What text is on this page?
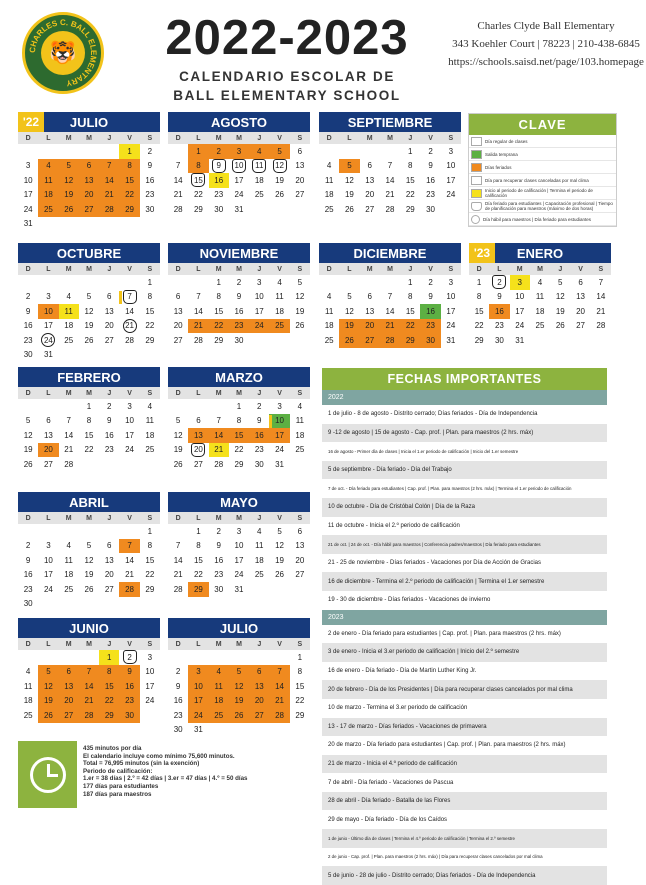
CHARLES C. BALL ELEMENTARY
🐯 2022-2023
CALENDARIO ESCOLAR DE
BALL ELEMENTARY SCHOOL
Charles Clyde Ball Elementary
343 Koehler Court | 78223 | 210-438-6845
https://schools.saisd.net/page/103.homepage
'22	JULIO
D L M M J V S
1 2
3 4 5 6 7 8 9
10 11 12 13 14 15 16
17 18 19 20 21 22 23
24 25 26 27 28 29 30
31
AGOSTO
D L M M J V S
1 2 3 4 5 6
7 8 9 10 11 12 13
14 15 16 17 18 19 20
21 22 23 24 25 26 27
28 29 30 31
SEPTIEMBRE
D L M M J V S
1 2 3
4 5 6 7 8 9 10
11 12 13 14 15 16 17
18 19 20 21 22 23 24
25 26 27 28 29 30
OCTUBRE
D L M M J V S
1
2 3 4 5 6 7 8
9 10 11 12 13 14 15
16 17 18 19 20 21 22
23 24 25 26 27 28 29
30 31
NOVIEMBRE
D L M M J V S
1 2 3 4 5
6 7 8 9 10 11 12
13 14 15 16 17 18 19
20 21 22 23 24 25 26
27 28 29 30
DICIEMBRE
D L M M J V S
1 2 3
4 5 6 7 8 9 10
11 12 13 14 15 16 17
18 19 20 21 22 23 24
25 26 27 28 29 30 31
'23	ENERO
D L M M J V S
1 2 3 4 5 6 7
8 9 10 11 12 13 14
15 16 17 18 19 20 21
22 23 24 25 26 27 28
29 30 31
FEBRERO
D L M M J V S
1 2 3 4
5 6 7 8 9 10 11
12 13 14 15 16 17 18
19 20 21 22 23 24 25
26 27 28
MARZO
D L M M J V S
1 2 3 4
5 6 7 8 9 10 11
12 13 14 15 16 17 18
19 20 21 22 23 24 25
26 27 28 29 30 31
ABRIL
D L M M J V S
1
2 3 4 5 6 7 8
9 10 11 12 13 14 15
16 17 18 19 20 21 22
23 24 25 26 27 28 29
30
MAYO
D L M M J V S
1 2 3 4 5 6
7 8 9 10 11 12 13
14 15 16 17 18 19 20
21 22 23 24 25 26 27
28 29 30 31
JUNIO
D L M M J V S
1 2 3
4 5 6 7 8 9 10
11 12 13 14 15 16 17
18 19 20 21 22 23 24
25 26 27 28 29 30
JULIO
D L M M J V S
1
2 3 4 5 6 7 8
9 10 11 12 13 14 15
16 17 18 19 20 21 22
23 24 25 26 27 28 29
30 31
CLAVE
Día regular de clases
Salida temprana
Días feriados
Día para recuperar clases canceladas por mal clima
Inicio al periodo de calificación | Termina el periodo de calificación
Día feriado para estudiantes | Capacitación profesional | Tiempo de planificación para maestros (máximo de dos horas)
Día hábil para maestros | Día feriado para estudiantes
FECHAS IMPORTANTES
2022
1 de julio - 8 de agosto - Distrito cerrado; Días feriados - Día de Independencia
9 -12 de agosto | 15 de agosto - Cap. prof. | Plan. para maestros (2 hrs. máx)
16 de agosto - Primer día de clases | Inicia el 1.er periodo de calificación | Inicio del 1.er semestre
5 de septiembre - Día feriado - Día del Trabajo
7 de oct. - Día feriado para estudiantes | Cap. prof. | Plan. para maestros (2 hrs. máx) | Termina el 1.er periodo de calificación
10 de octubre - Día de Cristóbal Colón | Día de la Raza
11 de octubre - Inicia el 2.º periodo de calificación
21 de oct. | 24 de oct. - Día hábil para maestros | Conferencia padres/maestros | Día feriado para estudiantes
21 - 25 de noviembre - Días feriados - Vacaciones por Día de Acción de Gracias
16 de diciembre - Termina el 2.º periodo de calificación | Termina el 1.er semestre
19 - 30 de diciembre - Días feriados - Vacaciones de invierno
2023
2 de enero - Día feriado para estudiantes | Cap. prof. | Plan. para maestros (2 hrs. máx)
3 de enero - Inicia el 3.er periodo de calificación | Inicio del 2.º semestre
16 de enero - Día feriado - Día de Martin Luther King Jr.
20 de febrero - Día de los Presidentes | Día para recuperar clases cancelados por mal clima
10 de marzo - Termina el 3.er periodo de calificación
13 - 17 de marzo - Días feriados - Vacaciones de primavera
20 de marzo - Día feriado para estudiantes | Cap. prof. | Plan. para maestros (2 hrs. máx)
21 de marzo - Inicia el 4.º periodo de calificación
7 de abril - Día feriado - Vacaciones de Pascua
28 de abril - Día feriado - Batalla de las Flores
29 de mayo - Día feriado - Día de los Caídos
1 de junio - Último día de clases | Termina el 4.º periodo de calificación | Termina el 2.º semestre
2 de junio - Cap. prof. | Plan. para maestros (2 hrs. máx) | Día para recuperar clases cancelados por mal clima
5 de junio - 28 de julio - Distrito cerrado; Días feriados - Día de Independencia
435 minutos por día
El calendario incluye como mínimo 75,600 minutos.
Total = 76,995 minutos (sin la exención)
Periodo de calificación:
1.er = 38 días | 2.º = 42 días | 3.er = 47 días | 4.º = 50 días
177 días para estudiantes
187 días para maestros
